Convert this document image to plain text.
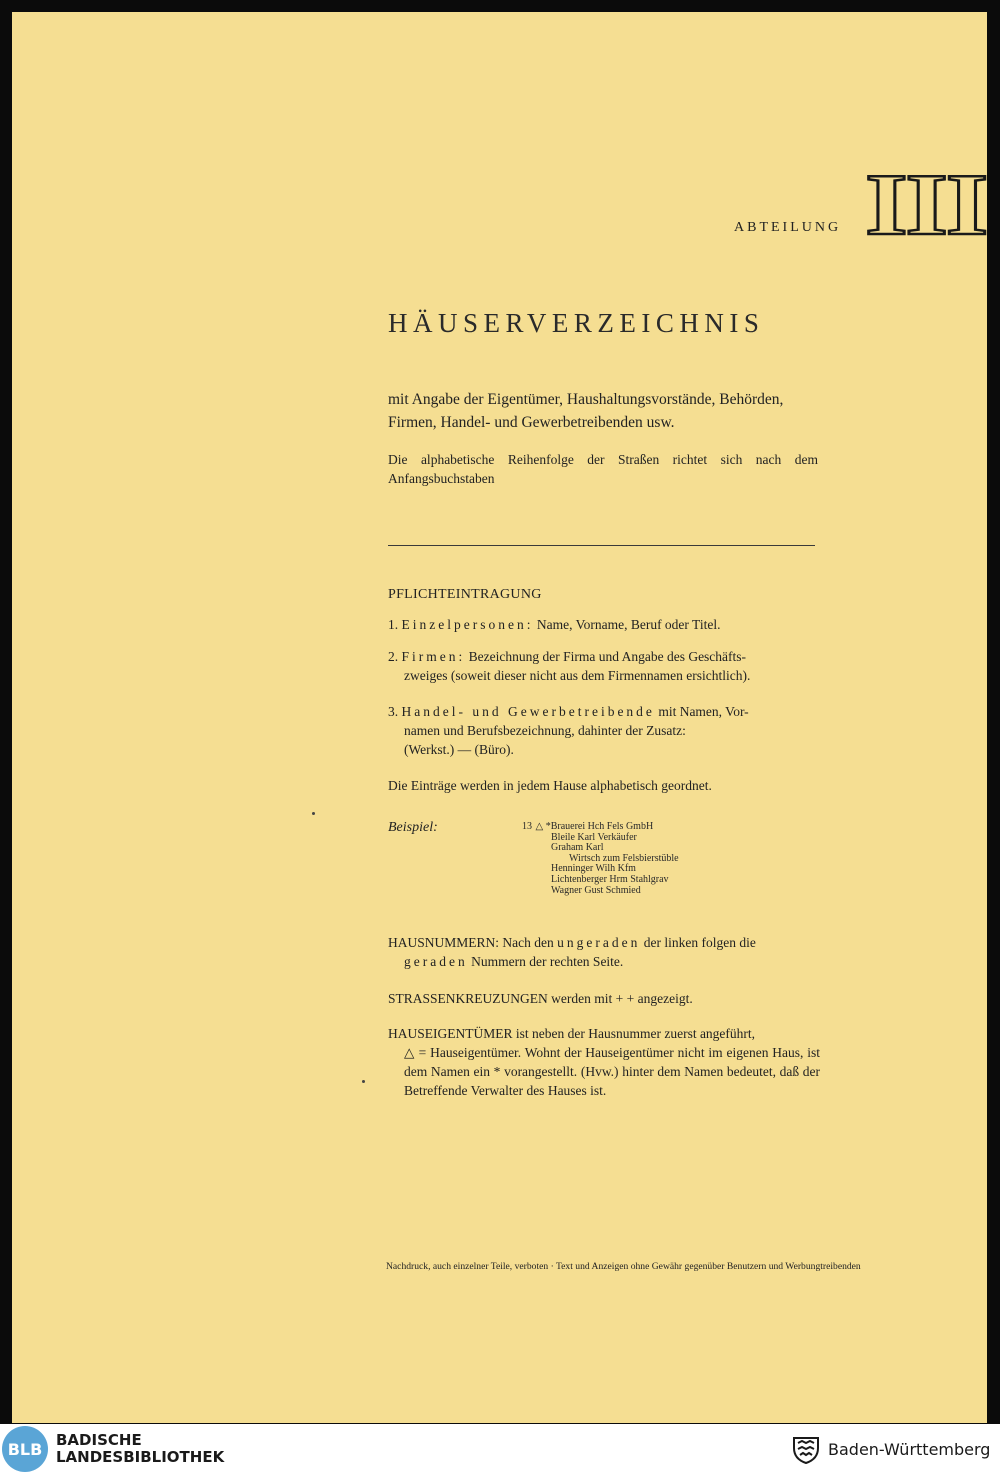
ABTEILUNG III
HÄUSERVERZEICHNIS
mit Angabe der Eigentümer, Haushaltungsvorstände, Behörden, Firmen, Handel- und Gewerbetreibenden usw.
Die alphabetische Reihenfolge der Straßen richtet sich nach dem Anfangsbuchstaben
PFLICHTEINTRAGUNG
1. Einzelpersonen: Name, Vorname, Beruf oder Titel.
2. Firmen: Bezeichnung der Firma und Angabe des Geschäfts-
zweiges (soweit dieser nicht aus dem Firmennamen ersichtlich).
3. Handel- und Gewerbetreibende mit Namen, Vor-
namen und Berufsbezeichnung, dahinter der Zusatz:
(Werkst.) — (Büro).
Die Einträge werden in jedem Hause alphabetisch geordnet.
Beispiel:	13 △ *Brauerei Hch Fels GmbH
Bleile Karl Verkäufer
Graham Karl
Wirtsch zum Felsbierstüble
Henninger Wilh Kfm
Lichtenberger Hrm Stahlgrav
Wagner Gust Schmied
HAUSNUMMERN: Nach den ungeraden der linken folgen die
geraden Nummern der rechten Seite.
STRASSENKREUZUNGEN werden mit + + angezeigt.
HAUSEIGENTÜMER ist neben der Hausnummer zuerst angeführt,
△ = Hauseigentümer. Wohnt der Hauseigentümer nicht im eigenen Haus, ist dem Namen ein * vorangestellt. (Hvw.) hinter dem Namen bedeutet, daß der Betreffende Verwalter des Hauses ist.
Nachdruck, auch einzelner Teile, verboten · Text und Anzeigen ohne Gewähr gegenüber Benutzern und Werbungtreibenden
BLB BADISCHE
LANDESBIBLIOTHEK	Baden-Württemberg
